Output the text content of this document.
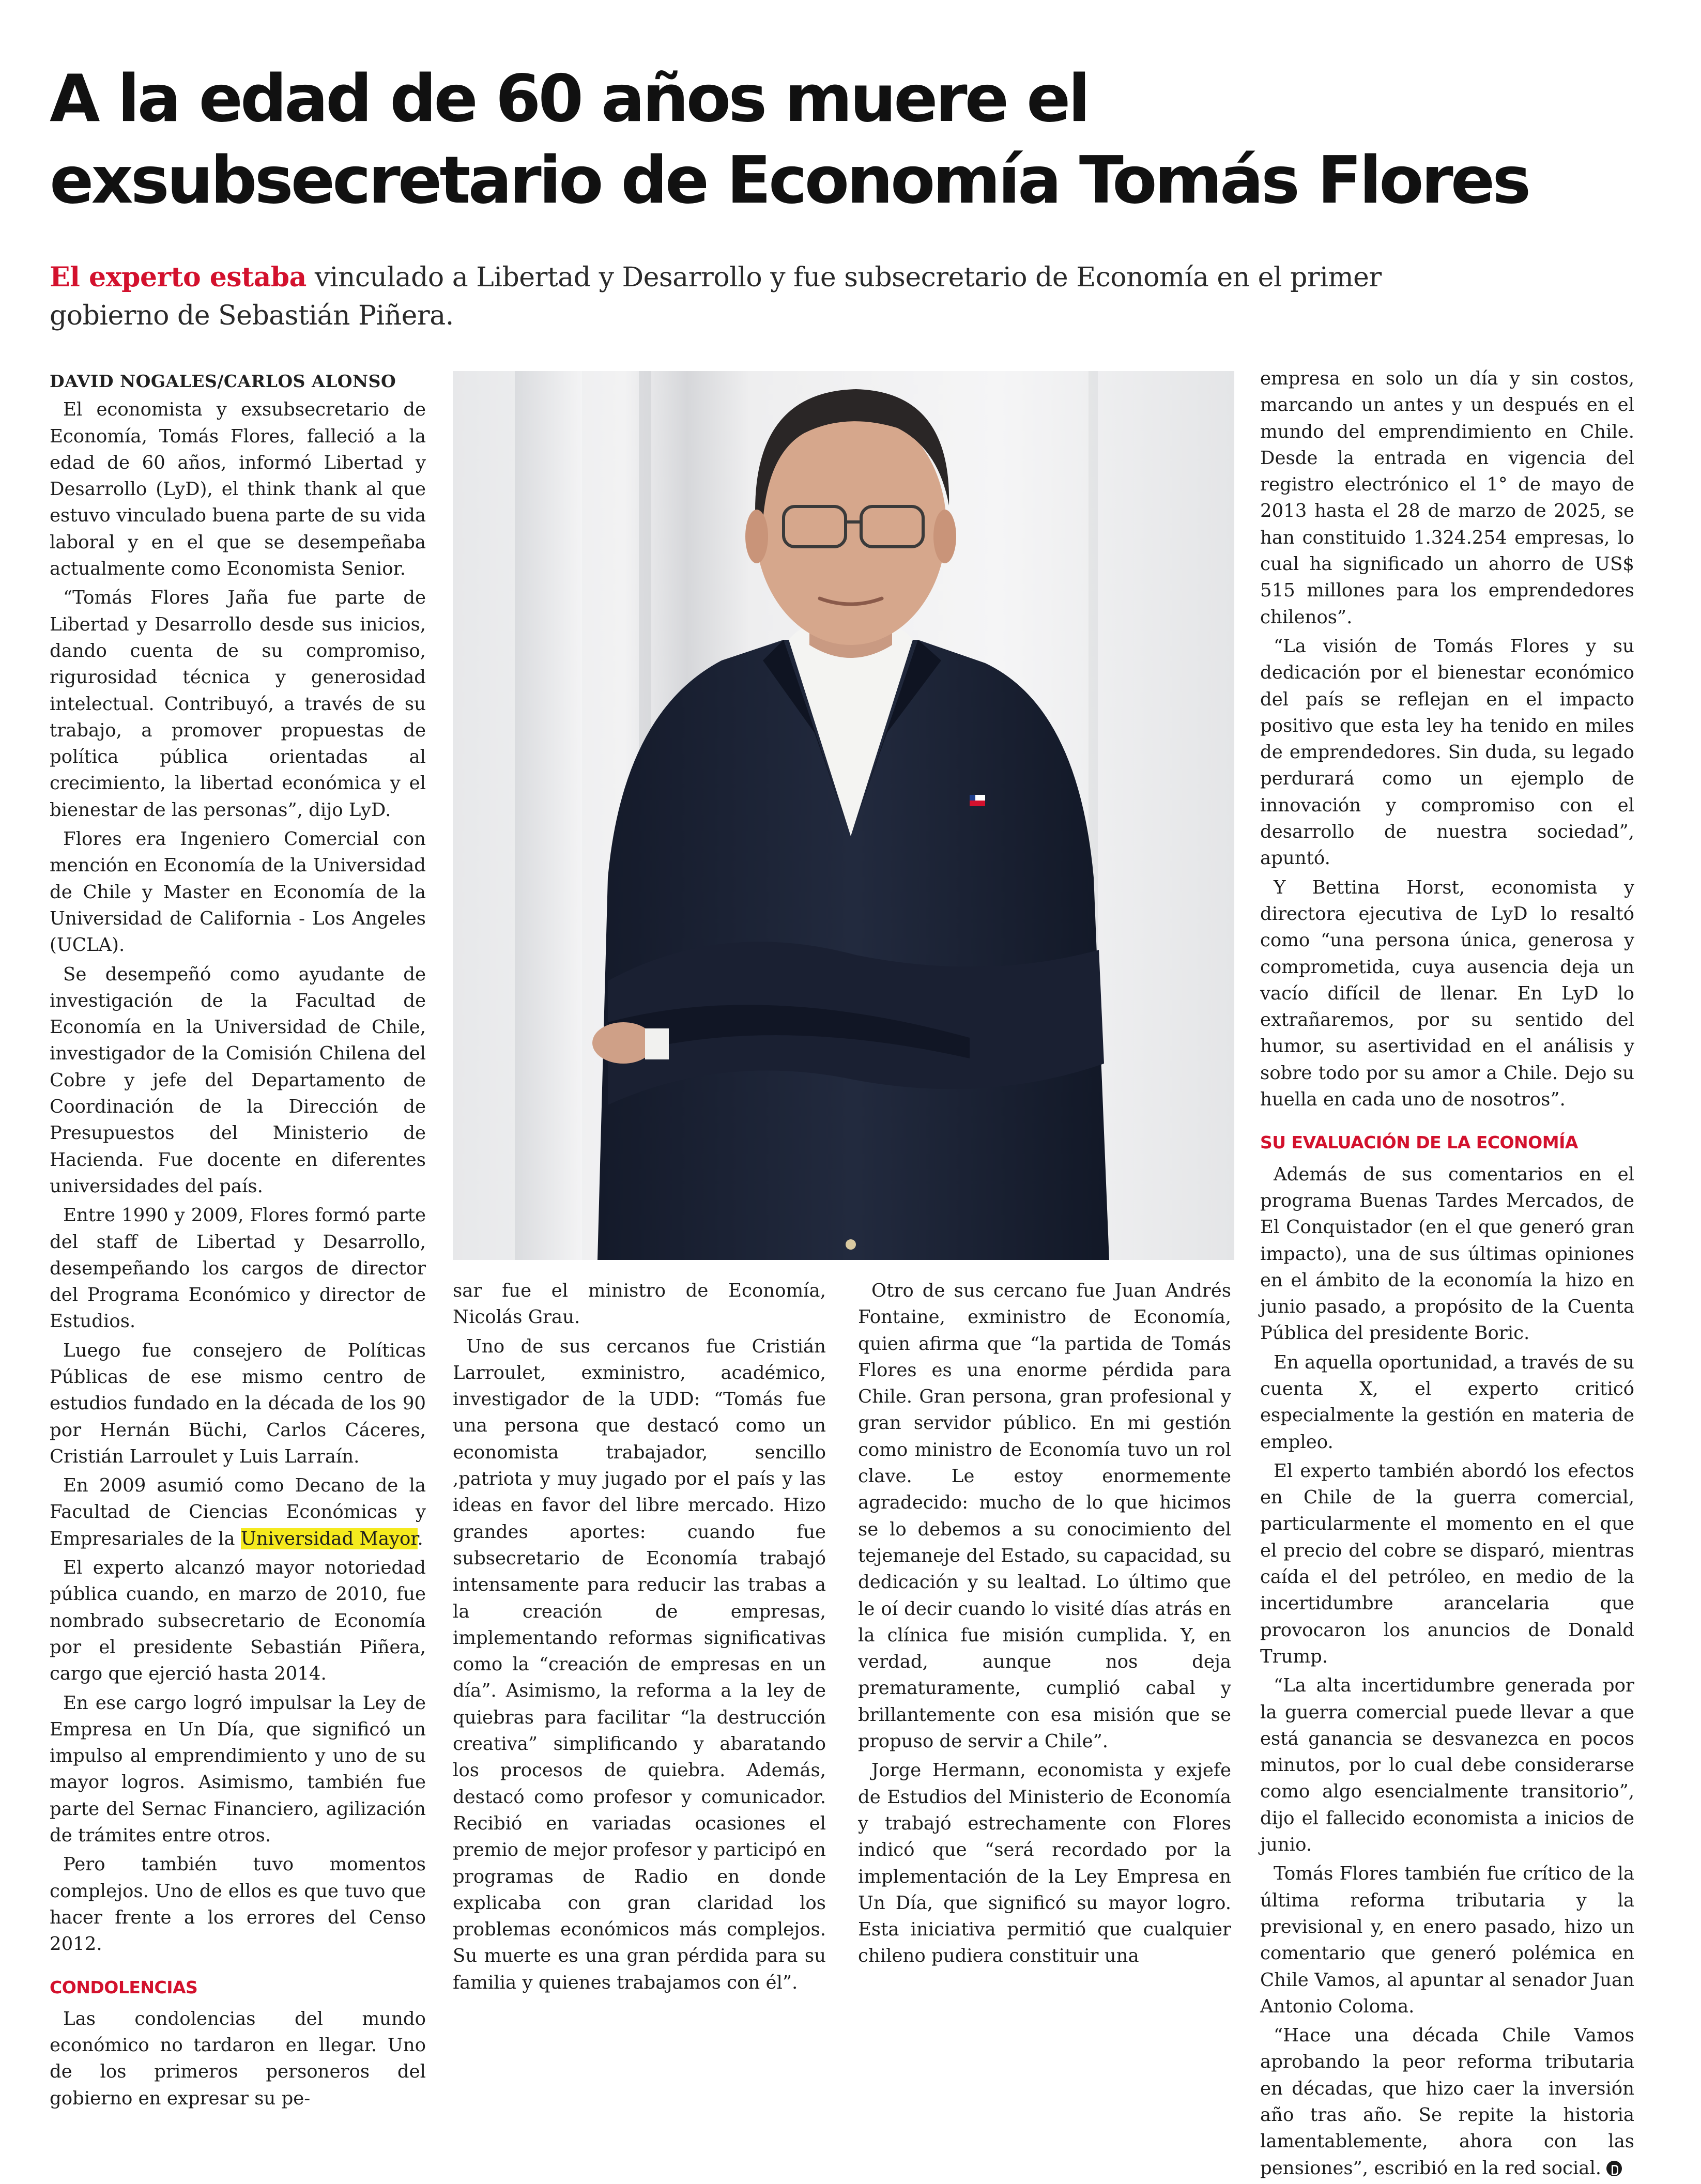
A la edad de 60 años muere el
exsubsecretario de Economía Tomás Flores

El experto estaba vinculado a Libertad y Desarrollo y fue subsecretario de Economía en el primer gobierno de Sebastián Piñera.

DAVID NOGALES/CARLOS ALONSO

El economista y exsubsecretario de Economía, Tomás Flores, falleció a la edad de 60 años, informó Libertad y Desarrollo (LyD), el think thank al que estuvo vinculado buena parte de su vida laboral y en el que se desempeñaba actualmente como Economista Senior.

“Tomás Flores Jaña fue parte de Libertad y Desarrollo desde sus inicios, dando cuenta de su compromiso, rigurosidad técnica y generosidad intelectual. Contribuyó, a través de su trabajo, a promover propuestas de política pública orientadas al crecimiento, la libertad económica y el bienestar de las personas”, dijo LyD.

Flores era Ingeniero Comercial con mención en Economía de la Universidad de Chile y Master en Economía de la Universidad de California - Los Angeles (UCLA).

Se desempeñó como ayudante de investigación de la Facultad de Economía en la Universidad de Chile, investigador de la Comisión Chilena del Cobre y jefe del Departamento de Coordinación de la Dirección de Presupuestos del Ministerio de Hacienda. Fue docente en diferentes universidades del país.

Entre 1990 y 2009, Flores formó parte del staff de Libertad y Desarrollo, desempeñando los cargos de director del Programa Económico y director de Estudios.

Luego fue consejero de Políticas Públicas de ese mismo centro de estudios fundado en la década de los 90 por Hernán Büchi, Carlos Cáceres, Cristián Larroulet y Luis Larraín.

En 2009 asumió como Decano de la Facultad de Ciencias Económicas y Empresariales de la Universidad Mayor.

El experto alcanzó mayor notoriedad pública cuando, en marzo de 2010, fue nombrado subsecretario de Economía por el presidente Sebastián Piñera, cargo que ejerció hasta 2014.

En ese cargo logró impulsar la Ley de Empresa en Un Día, que significó un impulso al emprendimiento y uno de su mayor logros. Asimismo, también fue parte del Sernac Financiero, agilización de trámites entre otros.

Pero también tuvo momentos complejos. Uno de ellos es que tuvo que hacer frente a los errores del Censo 2012.

CONDOLENCIAS

Las condolencias del mundo económico no tardaron en llegar. Uno de los primeros personeros del gobierno en expresar su pe-

sar fue el ministro de Economía, Nicolás Grau.

Uno de sus cercanos fue Cristián Larroulet, exministro, académico, investigador de la UDD: “Tomás fue una persona que destacó como un economista trabajador, sencillo ,patriota y muy jugado por el país y las ideas en favor del libre mercado. Hizo grandes aportes: cuando fue subsecretario de Economía trabajó intensamente para reducir las trabas a la creación de empresas, implementando reformas significativas como la “creación de empresas en un día”. Asimismo, la reforma a la ley de quiebras para facilitar “la destrucción creativa” simplificando y abaratando los procesos de quiebra. Además, destacó como profesor y comunicador. Recibió en variadas ocasiones el premio de mejor profesor y participó en programas de Radio en donde explicaba con gran claridad los problemas económicos más complejos. Su muerte es una gran pérdida para su familia y quienes trabajamos con él”.

Otro de sus cercano fue Juan Andrés Fontaine, exministro de Economía, quien afirma que “la partida de Tomás Flores es una enorme pérdida para Chile. Gran persona, gran profesional y gran servidor público. En mi gestión como ministro de Economía tuvo un rol clave. Le estoy enormemente agradecido: mucho de lo que hicimos se lo debemos a su conocimiento del tejemaneje del Estado, su capacidad, su dedicación y su lealtad. Lo último que le oí decir cuando lo visité días atrás en la clínica fue misión cumplida. Y, en verdad, aunque nos deja prematuramente, cumplió cabal y brillantemente con esa misión que se propuso de servir a Chile”.

Jorge Hermann, economista y exjefe de Estudios del Ministerio de Economía y trabajó estrechamente con Flores indicó que “será recordado por la implementación de la Ley Empresa en Un Día, que significó su mayor logro. Esta iniciativa permitió que cualquier chileno pudiera constituir una

empresa en solo un día y sin costos, marcando un antes y un después en el mundo del emprendimiento en Chile. Desde la entrada en vigencia del registro electrónico el 1° de mayo de 2013 hasta el 28 de marzo de 2025, se han constituido 1.324.254 empresas, lo cual ha significado un ahorro de US$ 515 millones para los emprendedores chilenos”.

“La visión de Tomás Flores y su dedicación por el bienestar económico del país se reflejan en el impacto positivo que esta ley ha tenido en miles de emprendedores. Sin duda, su legado perdurará como un ejemplo de innovación y compromiso con el desarrollo de nuestra sociedad”, apuntó.

Y Bettina Horst, economista y directora ejecutiva de LyD lo resaltó como “una persona única, generosa y comprometida, cuya ausencia deja un vacío difícil de llenar. En LyD lo extrañaremos, por su sentido del humor, su asertividad en el análisis y sobre todo por su amor a Chile. Dejo su huella en cada uno de nosotros”.

SU EVALUACIÓN DE LA ECONOMÍA

Además de sus comentarios en el programa Buenas Tardes Mercados, de El Conquistador (en el que generó gran impacto), una de sus últimas opiniones en el ámbito de la economía la hizo en junio pasado, a propósito de la Cuenta Pública del presidente Boric.

En aquella oportunidad, a través de su cuenta X, el experto criticó especialmente la gestión en materia de empleo.

El experto también abordó los efectos en Chile de la guerra comercial, particularmente el momento en el que el precio del cobre se disparó, mientras caída el del petróleo, en medio de la incertidumbre arancelaria que provocaron los anuncios de Donald Trump.

“La alta incertidumbre generada por la guerra comercial puede llevar a que está ganancia se desvanezca en pocos minutos, por lo cual debe considerarse como algo esencialmente transitorio”, dijo el fallecido economista a inicios de junio.

Tomás Flores también fue crítico de la última reforma tributaria y la previsional y, en enero pasado, hizo un comentario que generó polémica en Chile Vamos, al apuntar al senador Juan Antonio Coloma.

“Hace una década Chile Vamos aprobando la peor reforma tributaria en décadas, que hizo caer la inversión año tras año. Se repite la historia lamentablemente, ahora con las pensiones”, escribió en la red social.
